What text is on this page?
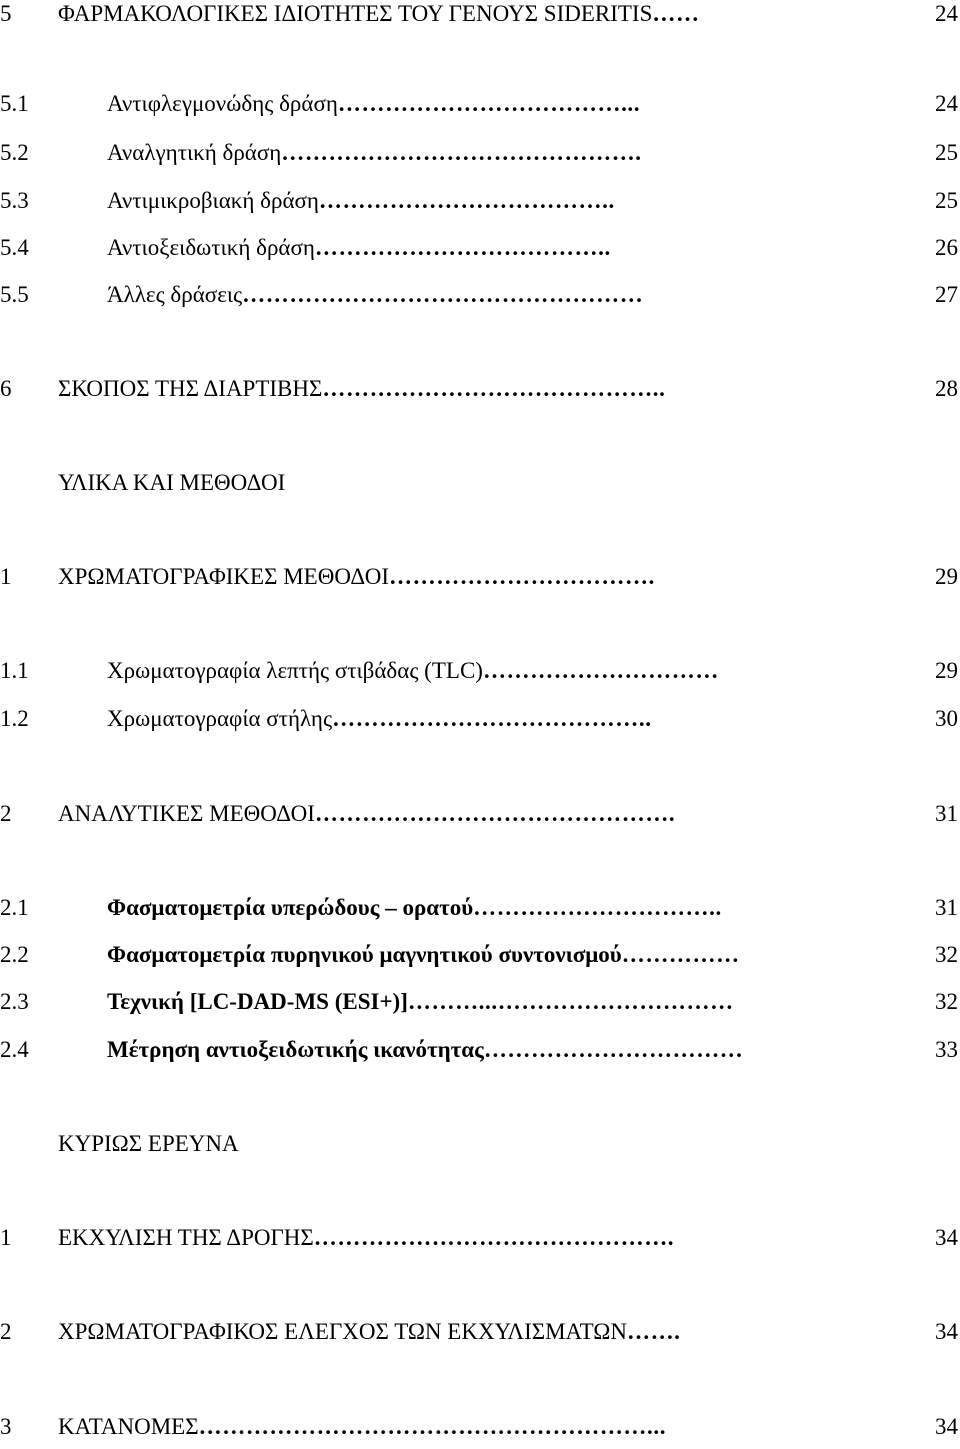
5 ΦΑΡΜΑΚΟΛΟΓΙΚΕΣ ΙΔΙΟΤΗΤΕΣ ΤΟΥ ΓΕΝΟΥΣ SIDERITIS……	24
5.1	Αντιφλεγμονώδης δράση………………………………...	24
5.2	Αναλγητική δράση……………………………………….	25
5.3	Αντιμικροβιακή δράση………………………………..	25
5.4	Αντιοξειδωτική δράση………………………………..	26
5.5	Άλλες δράσεις……………………………………………	27
6 ΣΚΟΠΟΣ ΤΗΣ ΔΙΑΡΤΙΒΗΣ……………………………………..	28
ΥΛΙΚΑ ΚΑΙ ΜΕΘΟΔΟΙ
1 ΧΡΩΜΑΤΟΓΡΑΦΙΚΕΣ ΜΕΘΟΔΟΙ…………………………….	29
1.1	Χρωματογραφία λεπτής στιβάδας (TLC)…………………………	29
1.2	Χρωματογραφία στήλης…………………………………..	30
2 ΑΝΑΛΥΤΙΚΕΣ ΜΕΘΟΔΟΙ……………………………………….	31
2.1	Φασματομετρία υπερώδους – ορατού…………………………..	31
2.2	Φασματομετρία πυρηνικού μαγνητικού συντονισμού……………	32
2.3	Τεχνική [LC-DAD-MS (ESI+)]………...…………………………	32
2.4	Μέτρηση αντιοξειδωτικής ικανότητας……………………………	33
ΚΥΡΙΩΣ ΕΡΕΥΝΑ
1 ΕΚΧΥΛΙΣΗ ΤΗΣ ΔΡΟΓΗΣ……………………………………….	34
2 ΧΡΩΜΑΤΟΓΡΑΦΙΚΟΣ ΕΛΕΓΧΟΣ ΤΩΝ ΕΚΧΥΛΙΣΜΑΤΩΝ…….	34
3 ΚΑΤΑΝΟΜΕΣ…………………………………………………...	34
